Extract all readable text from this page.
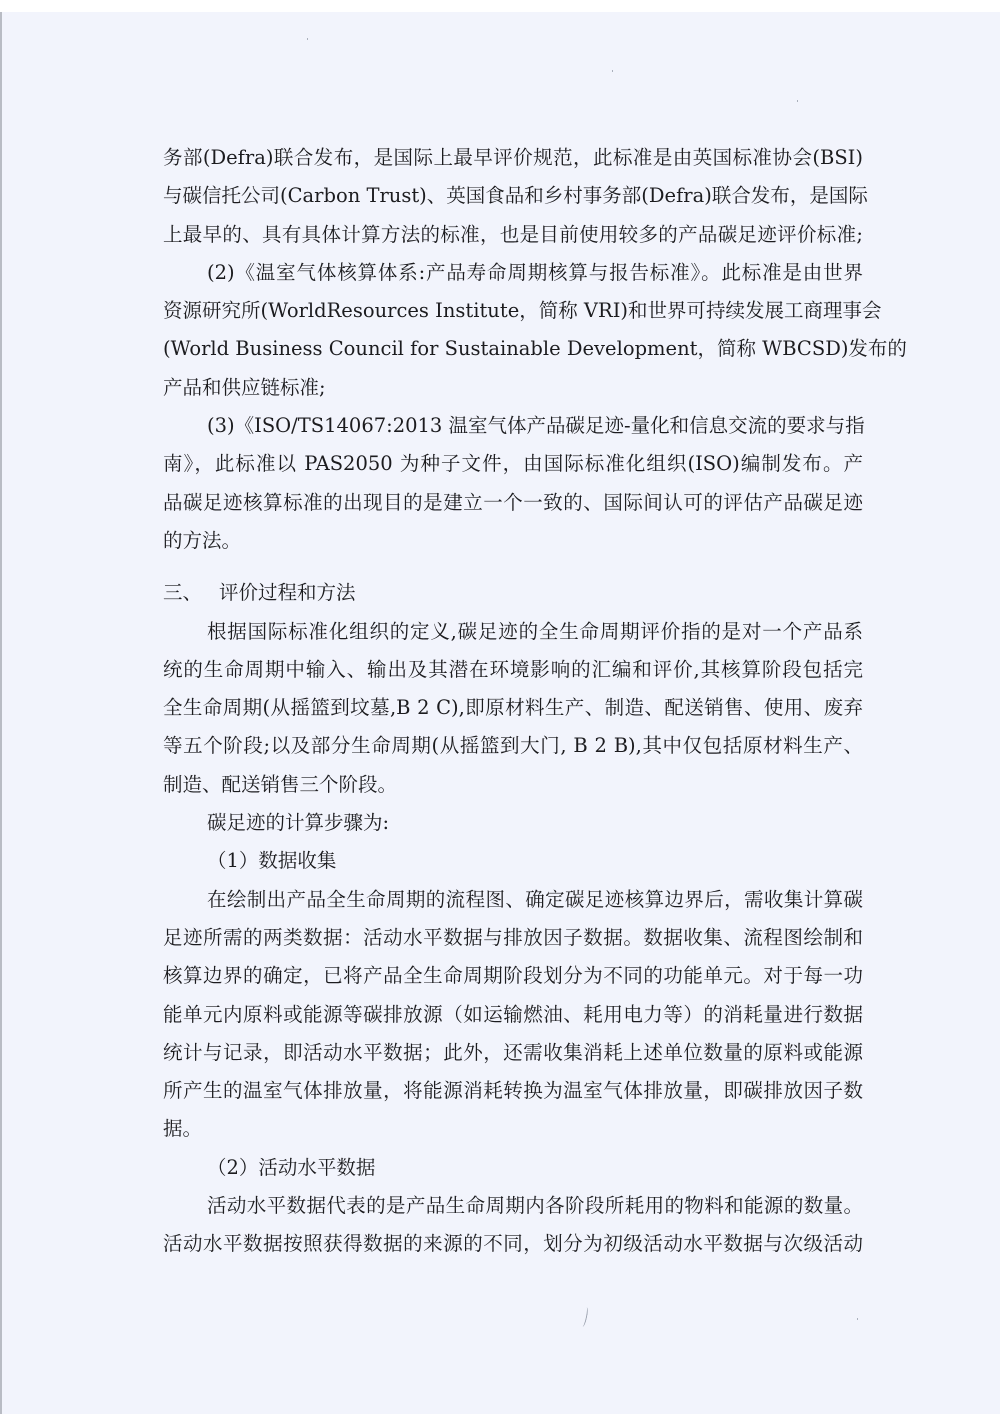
务部(Defra)联合发布，是国际上最早评价规范，此标准是由英国标准协会(BSI)
与碳信托公司(Carbon Trust)、英国食品和乡村事务部(Defra)联合发布，是国际
上最早的、具有具体计算方法的标准，也是目前使用较多的产品碳足迹评价标准;
(2)《温室气体核算体系:产品寿命周期核算与报告标准》。此标准是由世界
资源研究所(WorldResources Institute，简称 VRI)和世界可持续发展工商理事会
(World Business Council for Sustainable Development，简称 WBCSD)发布的
产品和供应链标准;
(3)《ISO/TS14067:2013 温室气体产品碳足迹-量化和信息交流的要求与指
南》，此标准以 PAS2050 为种子文件，由国际标准化组织(ISO)编制发布。产
品碳足迹核算标准的出现目的是建立一个一致的、国际间认可的评估产品碳足迹
的方法。
三、 评价过程和方法
根据国际标准化组织的定义,碳足迹的全生命周期评价指的是对一个产品系
统的生命周期中输入、输出及其潜在环境影响的汇编和评价,其核算阶段包括完
全生命周期(从摇篮到坟墓,B 2 C),即原材料生产、制造、配送销售、使用、废弃
等五个阶段;以及部分生命周期(从摇篮到大门, B 2 B),其中仅包括原材料生产、
制造、配送销售三个阶段。
碳足迹的计算步骤为:
（1）数据收集
在绘制出产品全生命周期的流程图、确定碳足迹核算边界后，需收集计算碳
足迹所需的两类数据：活动水平数据与排放因子数据。数据收集、流程图绘制和
核算边界的确定，已将产品全生命周期阶段划分为不同的功能单元。对于每一功
能单元内原料或能源等碳排放源（如运输燃油、耗用电力等）的消耗量进行数据
统计与记录，即活动水平数据；此外，还需收集消耗上述单位数量的原料或能源
所产生的温室气体排放量，将能源消耗转换为温室气体排放量，即碳排放因子数
据。
（2）活动水平数据
活动水平数据代表的是产品生命周期内各阶段所耗用的物料和能源的数量。
活动水平数据按照获得数据的来源的不同，划分为初级活动水平数据与次级活动
